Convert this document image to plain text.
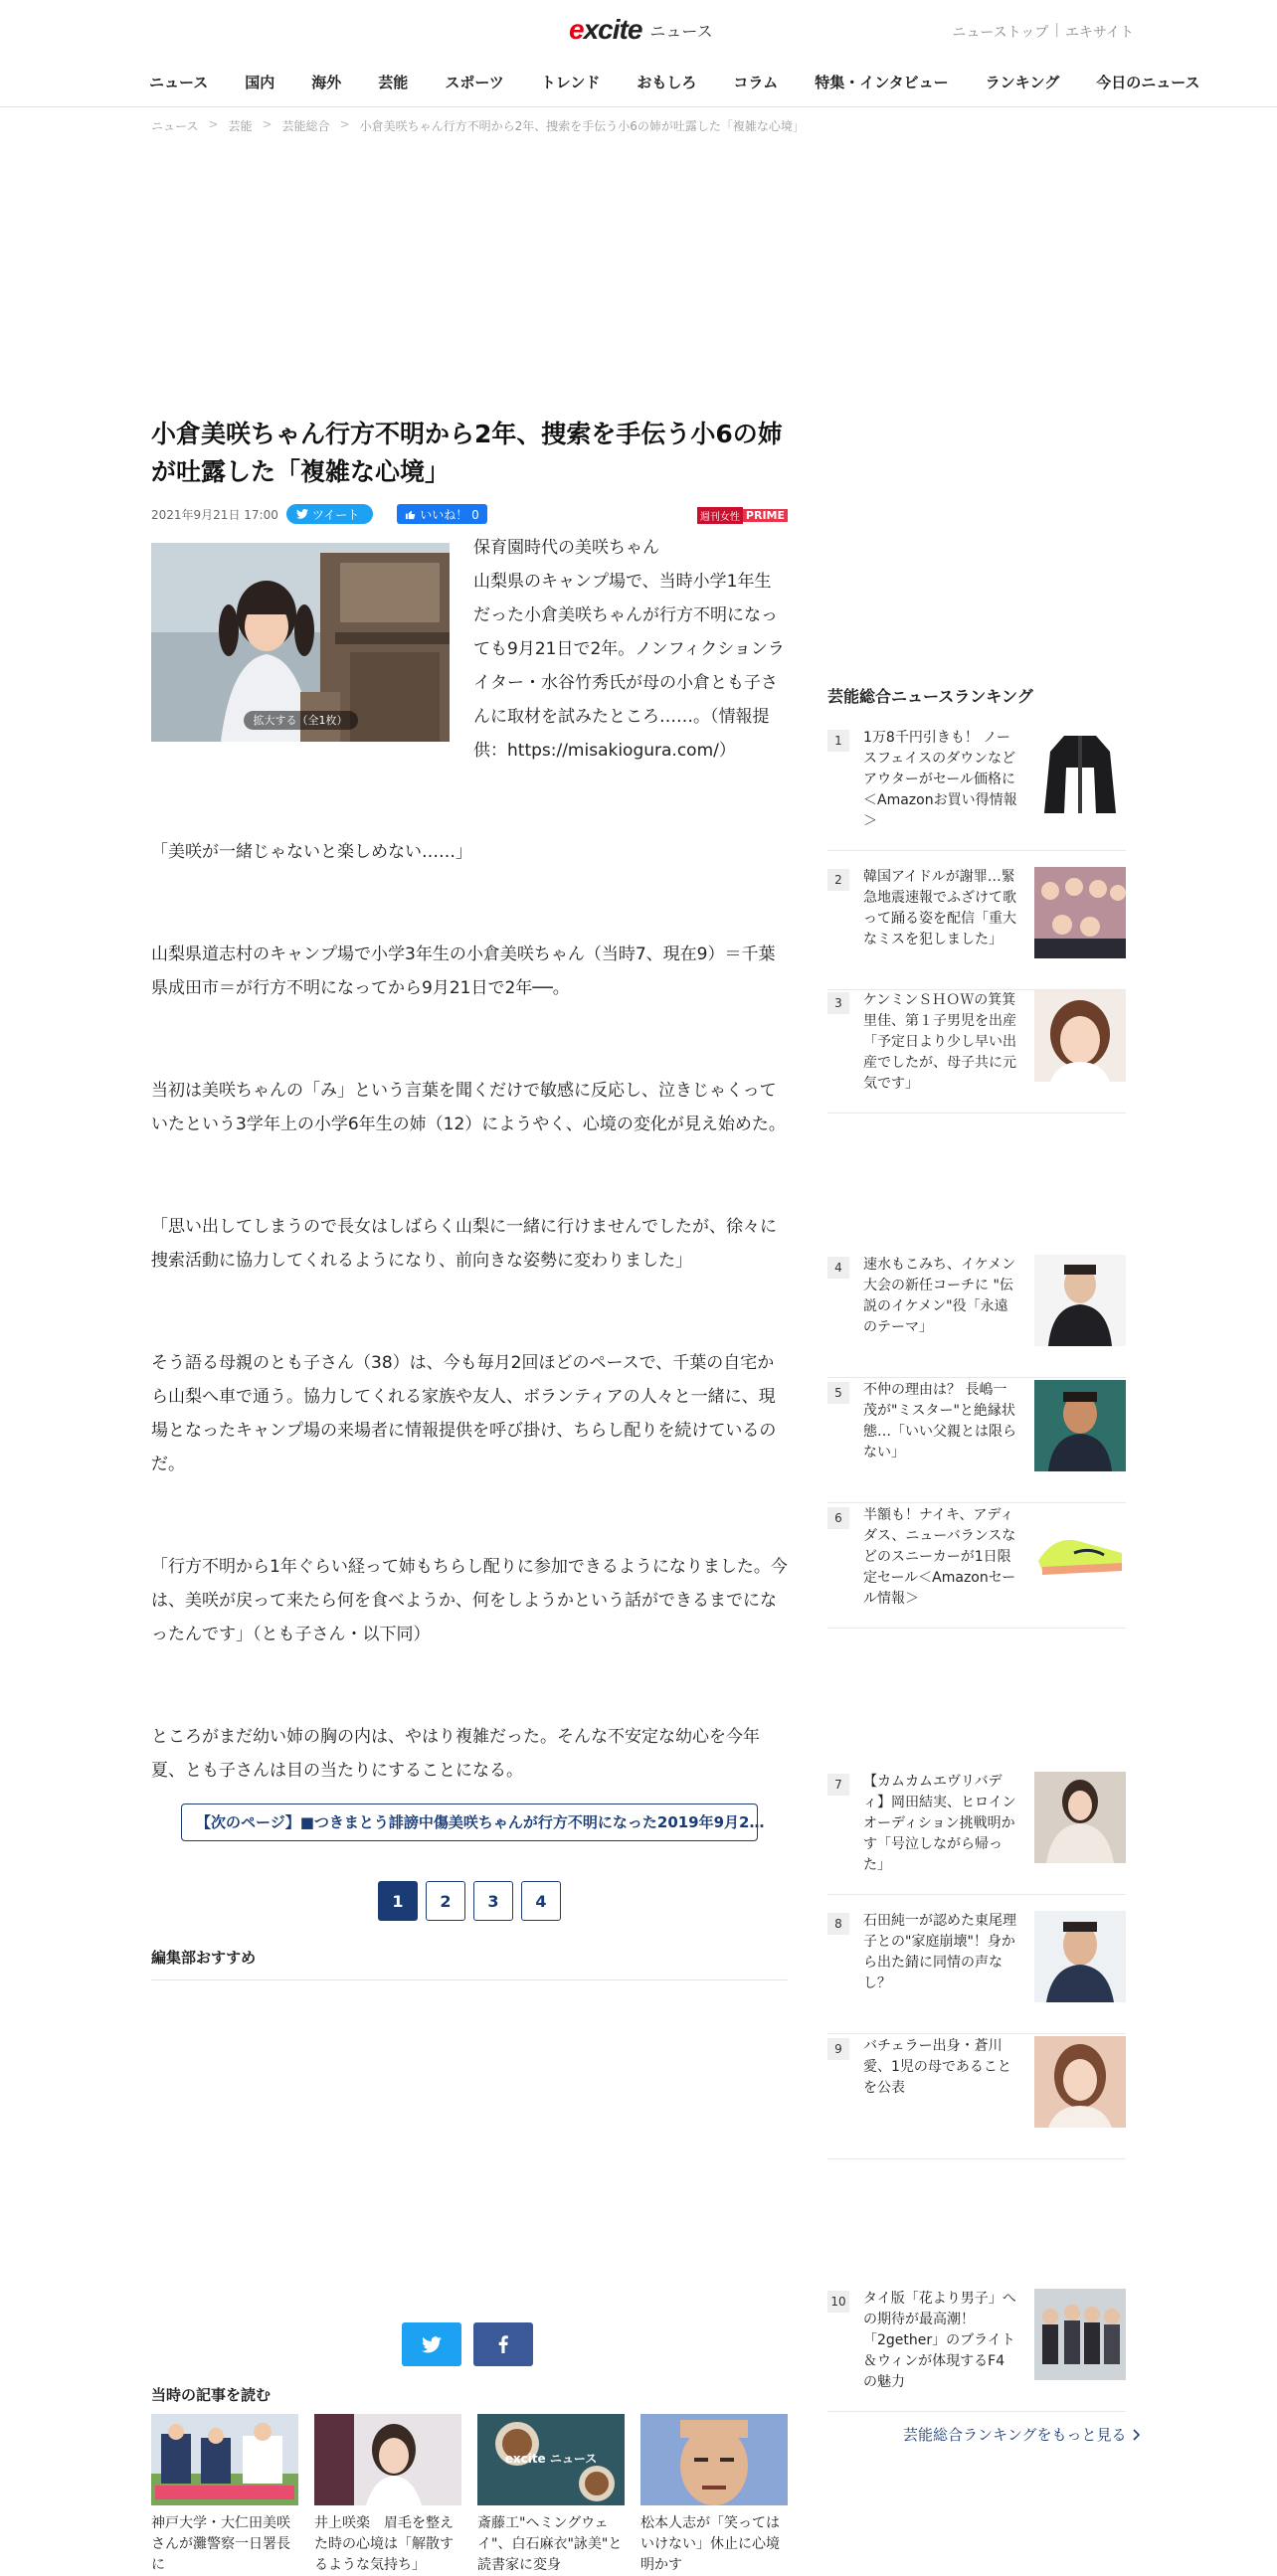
excite ニュース	ニューストップ | エキサイト
ニュース 国内 海外 芸能 スポーツ トレンド おもしろ コラム 特集・インタビュー ランキング 今日のニュース
ニュース > 芸能 > 芸能総合 > 小倉美咲ちゃん行方不明から2年、捜索を手伝う小6の姉が吐露した「複雑な心境」
小倉美咲ちゃん行方不明から2年、捜索を手伝う小6の姉が吐露した「複雑な心境」
2021年9月21日 17:00	ツイート	いいね！ 0	週刊女性 PRIME
拡大する（全1枚）
保育園時代の美咲ちゃん
山梨県のキャンプ場で、当時小学1年生だった小倉美咲ちゃんが行方不明になっても9月21日で2年。ノンフィクションライター・水谷竹秀氏が母の小倉とも子さんに取材を試みたところ……。（情報提供：https://misakiogura.com/）

「美咲が一緒じゃないと楽しめない……」

山梨県道志村のキャンプ場で小学3年生の小倉美咲ちゃん（当時7、現在9）＝千葉県成田市＝が行方不明になってから9月21日で2年──。

当初は美咲ちゃんの「み」という言葉を聞くだけで敏感に反応し、泣きじゃくっていたという3学年上の小学6年生の姉（12）にようやく、心境の変化が見え始めた。

「思い出してしまうので長女はしばらく山梨に一緒に行けませんでしたが、徐々に捜索活動に協力してくれるようになり、前向きな姿勢に変わりました」

そう語る母親のとも子さん（38）は、今も毎月2回ほどのペースで、千葉の自宅から山梨へ車で通う。協力してくれる家族や友人、ボランティアの人々と一緒に、現場となったキャンプ場の来場者に情報提供を呼び掛け、ちらし配りを続けているのだ。

「行方不明から1年ぐらい経って姉もちらし配りに参加できるようになりました。今は、美咲が戻って来たら何を食べようか、何をしようかという話ができるまでになったんです」（とも子さん・以下同）

ところがまだ幼い姉の胸の内は、やはり複雑だった。そんな不安定な幼心を今年夏、とも子さんは目の当たりにすることになる。

【次のページ】■つきまとう誹謗中傷美咲ちゃんが行方不明になった2019年9月2…
1	2	3	4
編集部おすすめ
当時の記事を読む
神戸大学・大仁田美咲さんが灘警察一日署長に
井上咲楽　眉毛を整えた時の心境は「解散するような気持ち」
excite ニュース
斎藤工"ヘミングウェイ"、白石麻衣"詠美"と読書家に変身
松本人志が「笑ってはいけない」休止に心境明かす
芸能総合ニュースランキング
1	1万8千円引きも！ ノースフェイスのダウンなどアウターがセール価格に＜Amazonお買い得情報＞
2	韓国アイドルが謝罪…緊急地震速報でふざけて歌って踊る姿を配信「重大なミスを犯しました」
3	ケンミンＳＨＯＷの箕箕里佳、第１子男児を出産「予定日より少し早い出産でしたが、母子共に元気です」
4	速水もこみち、イケメン大会の新任コーチに "伝説のイケメン"役「永遠のテーマ」
5	不仲の理由は？ 長嶋一茂が"ミスター"と絶縁状態…「いい父親とは限らない」
6	半額も！ナイキ、アディダス、ニューバランスなどのスニーカーが1日限定セール＜Amazonセール情報＞
7	【カムカムエヴリバディ】岡田結実、ヒロインオーディション挑戦明かす「号泣しながら帰った」
8	石田純一が認めた東尾理子との"家庭崩壊"！身から出た錆に同情の声なし？
9	バチェラー出身・蒼川愛、1児の母であることを公表
10 タイ版「花より男子」への期待が最高潮！「2gether」のブライト＆ウィンが体現するF4の魅力
芸能総合ランキングをもっと見る
